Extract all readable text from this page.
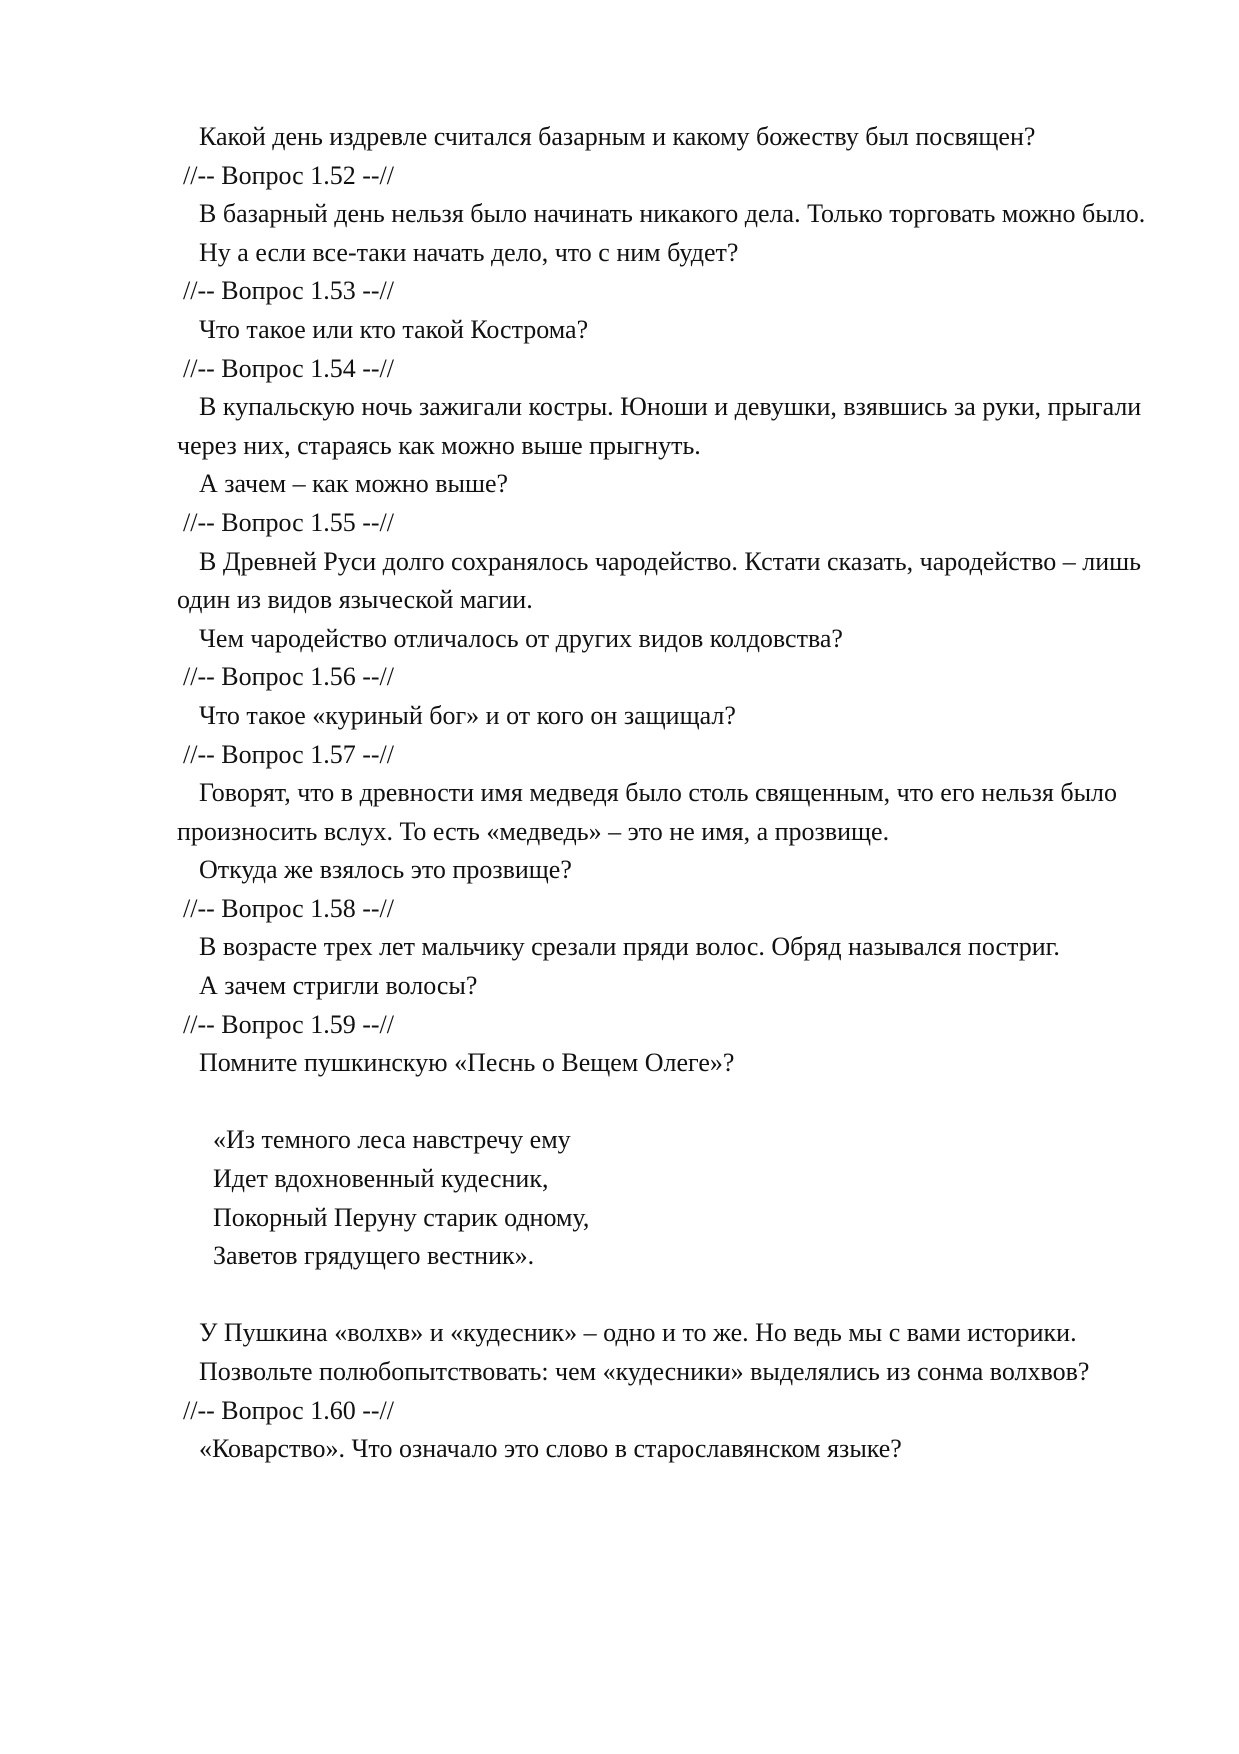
Какой день издревле считался базарным и какому божеству был посвящен?
//-- Вопрос 1.52 --//
В базарный день нельзя было начинать никакого дела. Только торговать можно было.
Ну а если все-таки начать дело, что с ним будет?
//-- Вопрос 1.53 --//
Что такое или кто такой Кострома?
//-- Вопрос 1.54 --//
В купальскую ночь зажигали костры. Юноши и девушки, взявшись за руки, прыгали через них, стараясь как можно выше прыгнуть.
А зачем – как можно выше?
//-- Вопрос 1.55 --//
В Древней Руси долго сохранялось чародейство. Кстати сказать, чародейство – лишь один из видов языческой магии.
Чем чародейство отличалось от других видов колдовства?
//-- Вопрос 1.56 --//
Что такое «куриный бог» и от кого он защищал?
//-- Вопрос 1.57 --//
Говорят, что в древности имя медведя было столь священным, что его нельзя было произносить вслух. То есть «медведь» – это не имя, а прозвище.
Откуда же взялось это прозвище?
//-- Вопрос 1.58 --//
В возрасте трех лет мальчику срезали пряди волос. Обряд назывался постриг.
А зачем стригли волосы?
//-- Вопрос 1.59 --//
Помните пушкинскую «Песнь о Вещем Олеге»?
«Из темного леса навстречу ему
Идет вдохновенный кудесник,
Покорный Перуну старик одному,
Заветов грядущего вестник».
У Пушкина «волхв» и «кудесник» – одно и то же. Но ведь мы с вами историки.
Позвольте полюбопытствовать: чем «кудесники» выделялись из сонма волхвов?
//-- Вопрос 1.60 --//
«Коварство». Что означало это слово в старославянском языке?
